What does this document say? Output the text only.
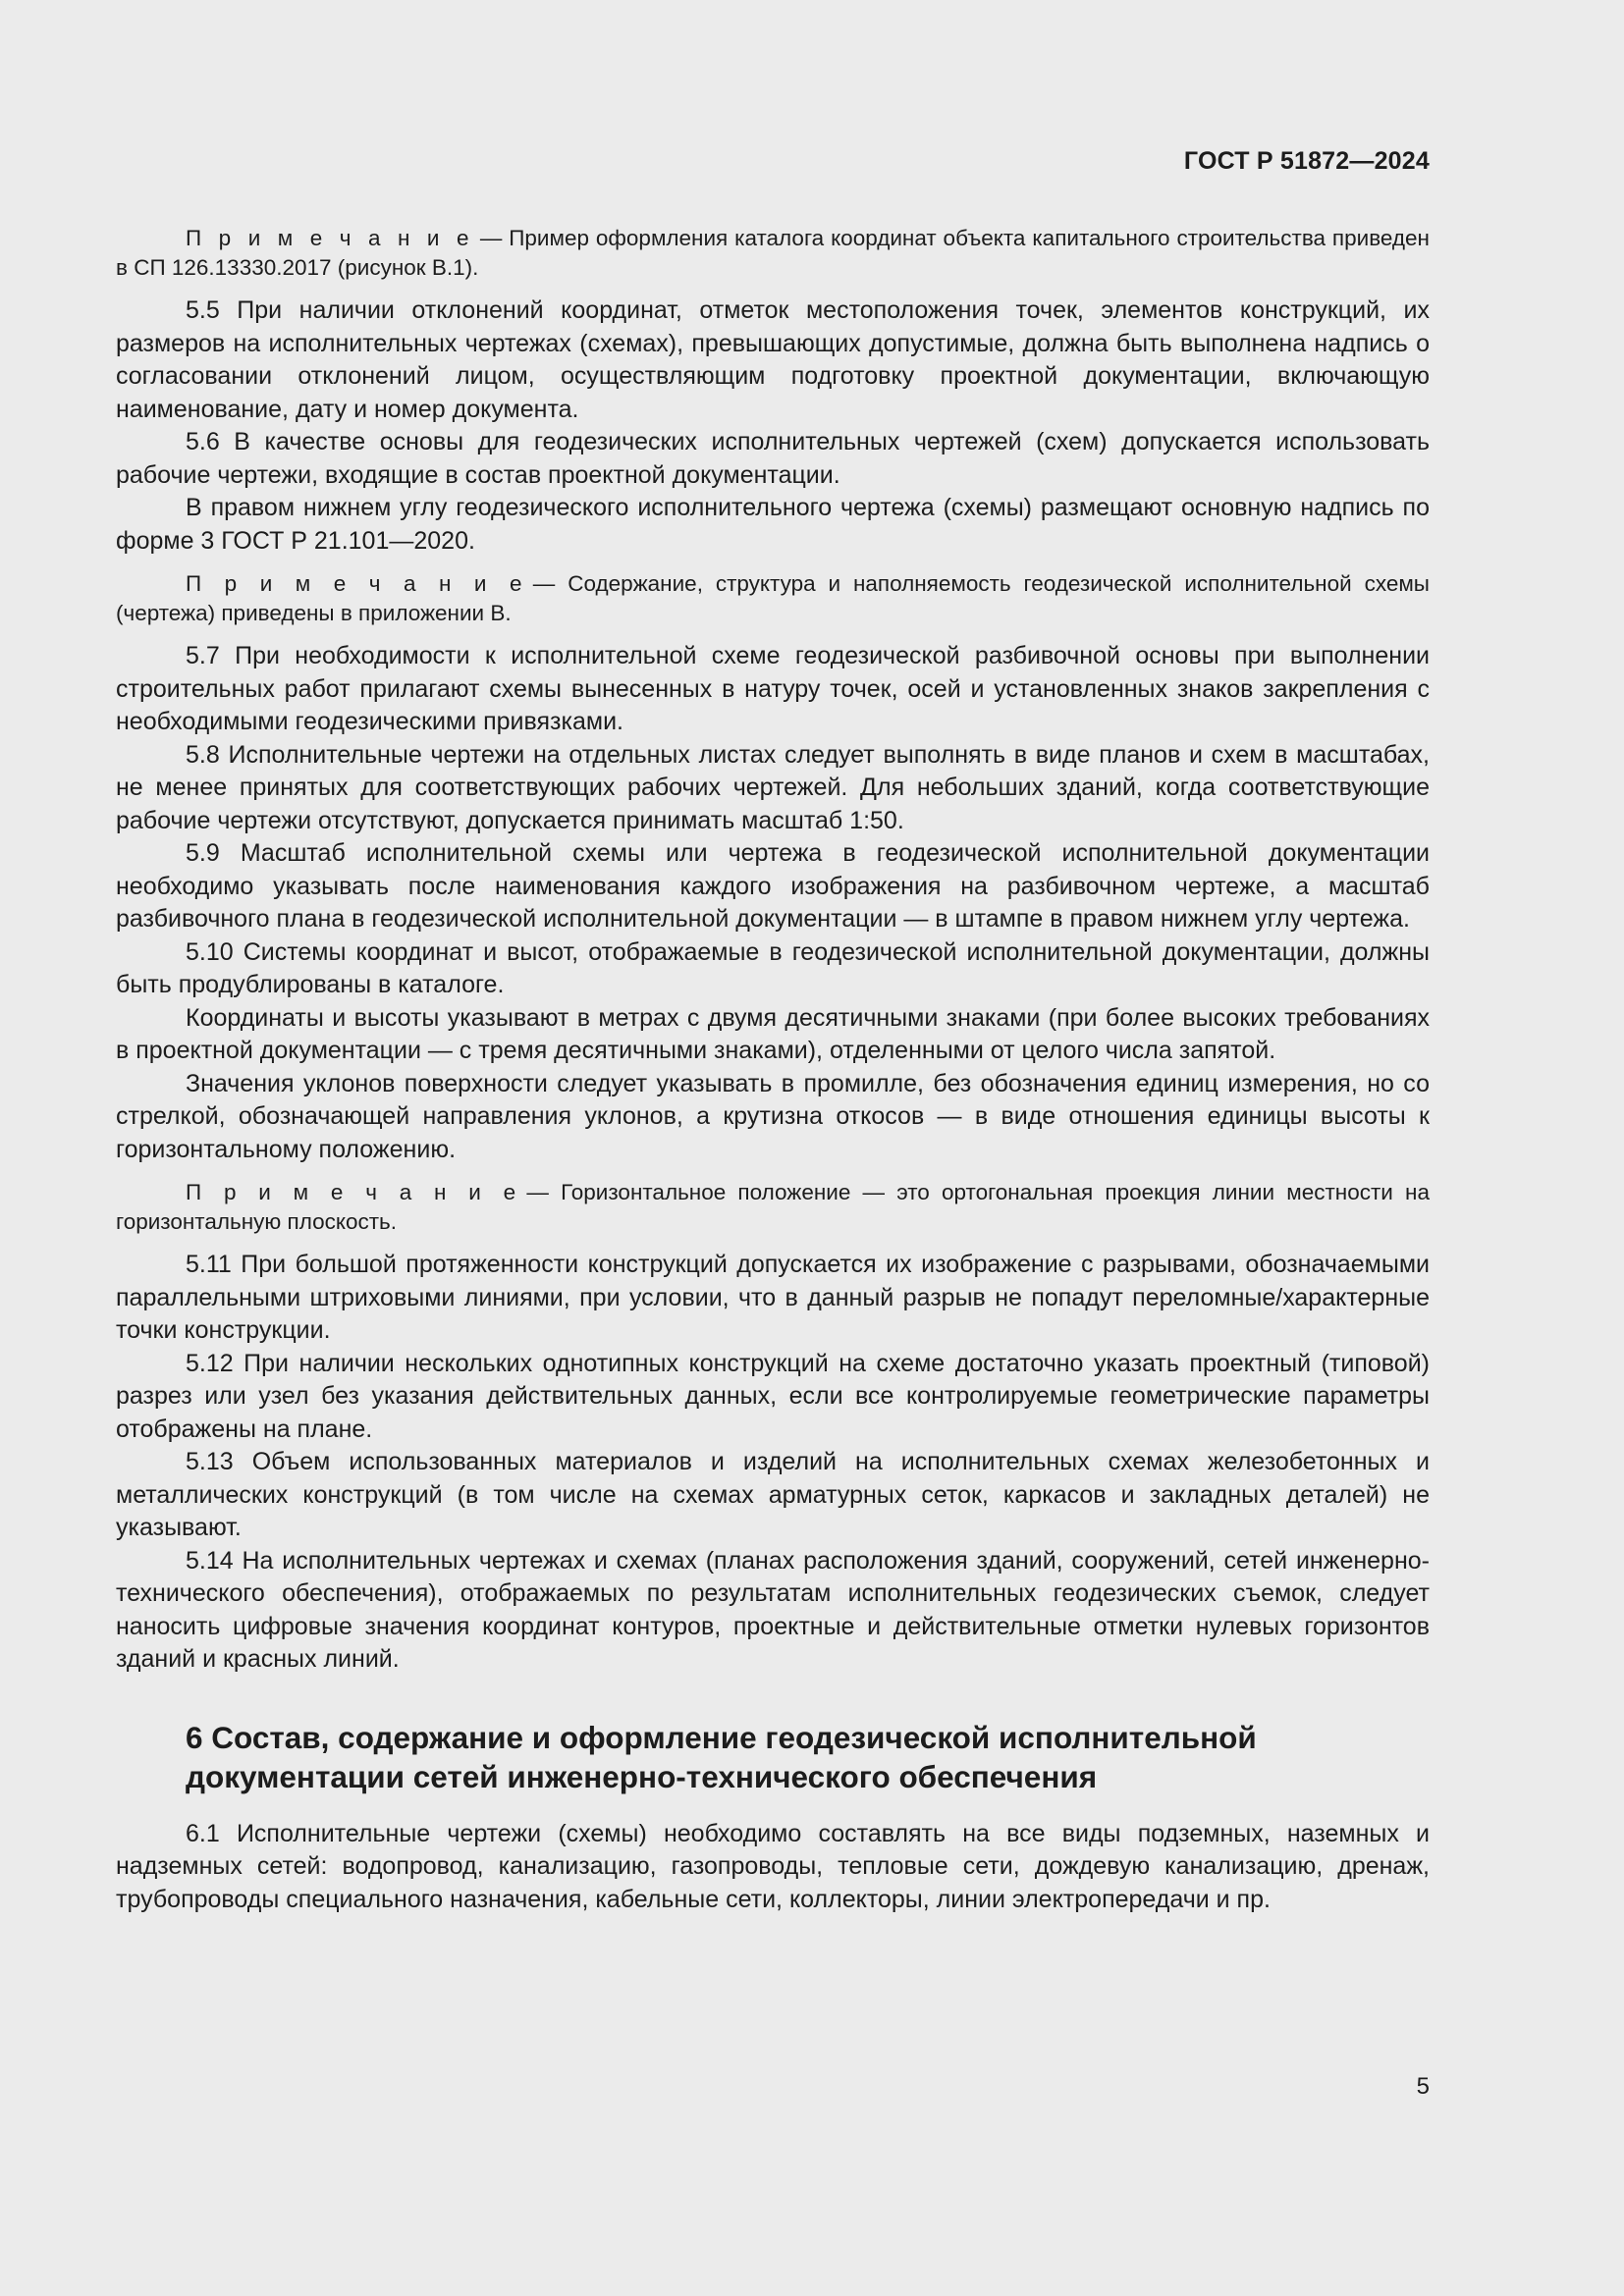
ГОСТ Р 51872—2024

П р и м е ч а н и е — Пример оформления каталога координат объекта капитального строительства приведен в СП 126.13330.2017 (рисунок В.1).

5.5 При наличии отклонений координат, отметок местоположения точек, элементов конструкций, их размеров на исполнительных чертежах (схемах), превышающих допустимые, должна быть выполнена надпись о согласовании отклонений лицом, осуществляющим подготовку проектной документации, включающую наименование, дату и номер документа.

5.6 В качестве основы для геодезических исполнительных чертежей (схем) допускается использовать рабочие чертежи, входящие в состав проектной документации.

В правом нижнем углу геодезического исполнительного чертежа (схемы) размещают основную надпись по форме 3 ГОСТ Р 21.101—2020.

П р и м е ч а н и е — Содержание, структура и наполняемость геодезической исполнительной схемы (чертежа) приведены в приложении В.

5.7 При необходимости к исполнительной схеме геодезической разбивочной основы при выполнении строительных работ прилагают схемы вынесенных в натуру точек, осей и установленных знаков закрепления с необходимыми геодезическими привязками.

5.8 Исполнительные чертежи на отдельных листах следует выполнять в виде планов и схем в масштабах, не менее принятых для соответствующих рабочих чертежей. Для небольших зданий, когда соответствующие рабочие чертежи отсутствуют, допускается принимать масштаб 1:50.

5.9 Масштаб исполнительной схемы или чертежа в геодезической исполнительной документации необходимо указывать после наименования каждого изображения на разбивочном чертеже, а масштаб разбивочного плана в геодезической исполнительной документации — в штампе в правом нижнем углу чертежа.

5.10 Системы координат и высот, отображаемые в геодезической исполнительной документации, должны быть продублированы в каталоге.

Координаты и высоты указывают в метрах с двумя десятичными знаками (при более высоких требованиях в проектной документации — с тремя десятичными знаками), отделенными от целого числа запятой.

Значения уклонов поверхности следует указывать в промилле, без обозначения единиц измерения, но со стрелкой, обозначающей направления уклонов, а крутизна откосов — в виде отношения единицы высоты к горизонтальному положению.

П р и м е ч а н и е — Горизонтальное положение — это ортогональная проекция линии местности на горизонтальную плоскость.

5.11 При большой протяженности конструкций допускается их изображение с разрывами, обозначаемыми параллельными штриховыми линиями, при условии, что в данный разрыв не попадут переломные/характерные точки конструкции.

5.12 При наличии нескольких однотипных конструкций на схеме достаточно указать проектный (типовой) разрез или узел без указания действительных данных, если все контролируемые геометрические параметры отображены на плане.

5.13 Объем использованных материалов и изделий на исполнительных схемах железобетонных и металлических конструкций (в том числе на схемах арматурных сеток, каркасов и закладных деталей) не указывают.

5.14 На исполнительных чертежах и схемах (планах расположения зданий, сооружений, сетей инженерно-технического обеспечения), отображаемых по результатам исполнительных геодезических съемок, следует наносить цифровые значения координат контуров, проектные и действительные отметки нулевых горизонтов зданий и красных линий.

6 Состав, содержание и оформление геодезической исполнительной документации сетей инженерно-технического обеспечения

6.1 Исполнительные чертежи (схемы) необходимо составлять на все виды подземных, наземных и надземных сетей: водопровод, канализацию, газопроводы, тепловые сети, дождевую канализацию, дренаж, трубопроводы специального назначения, кабельные сети, коллекторы, линии электропередачи и пр.

5
